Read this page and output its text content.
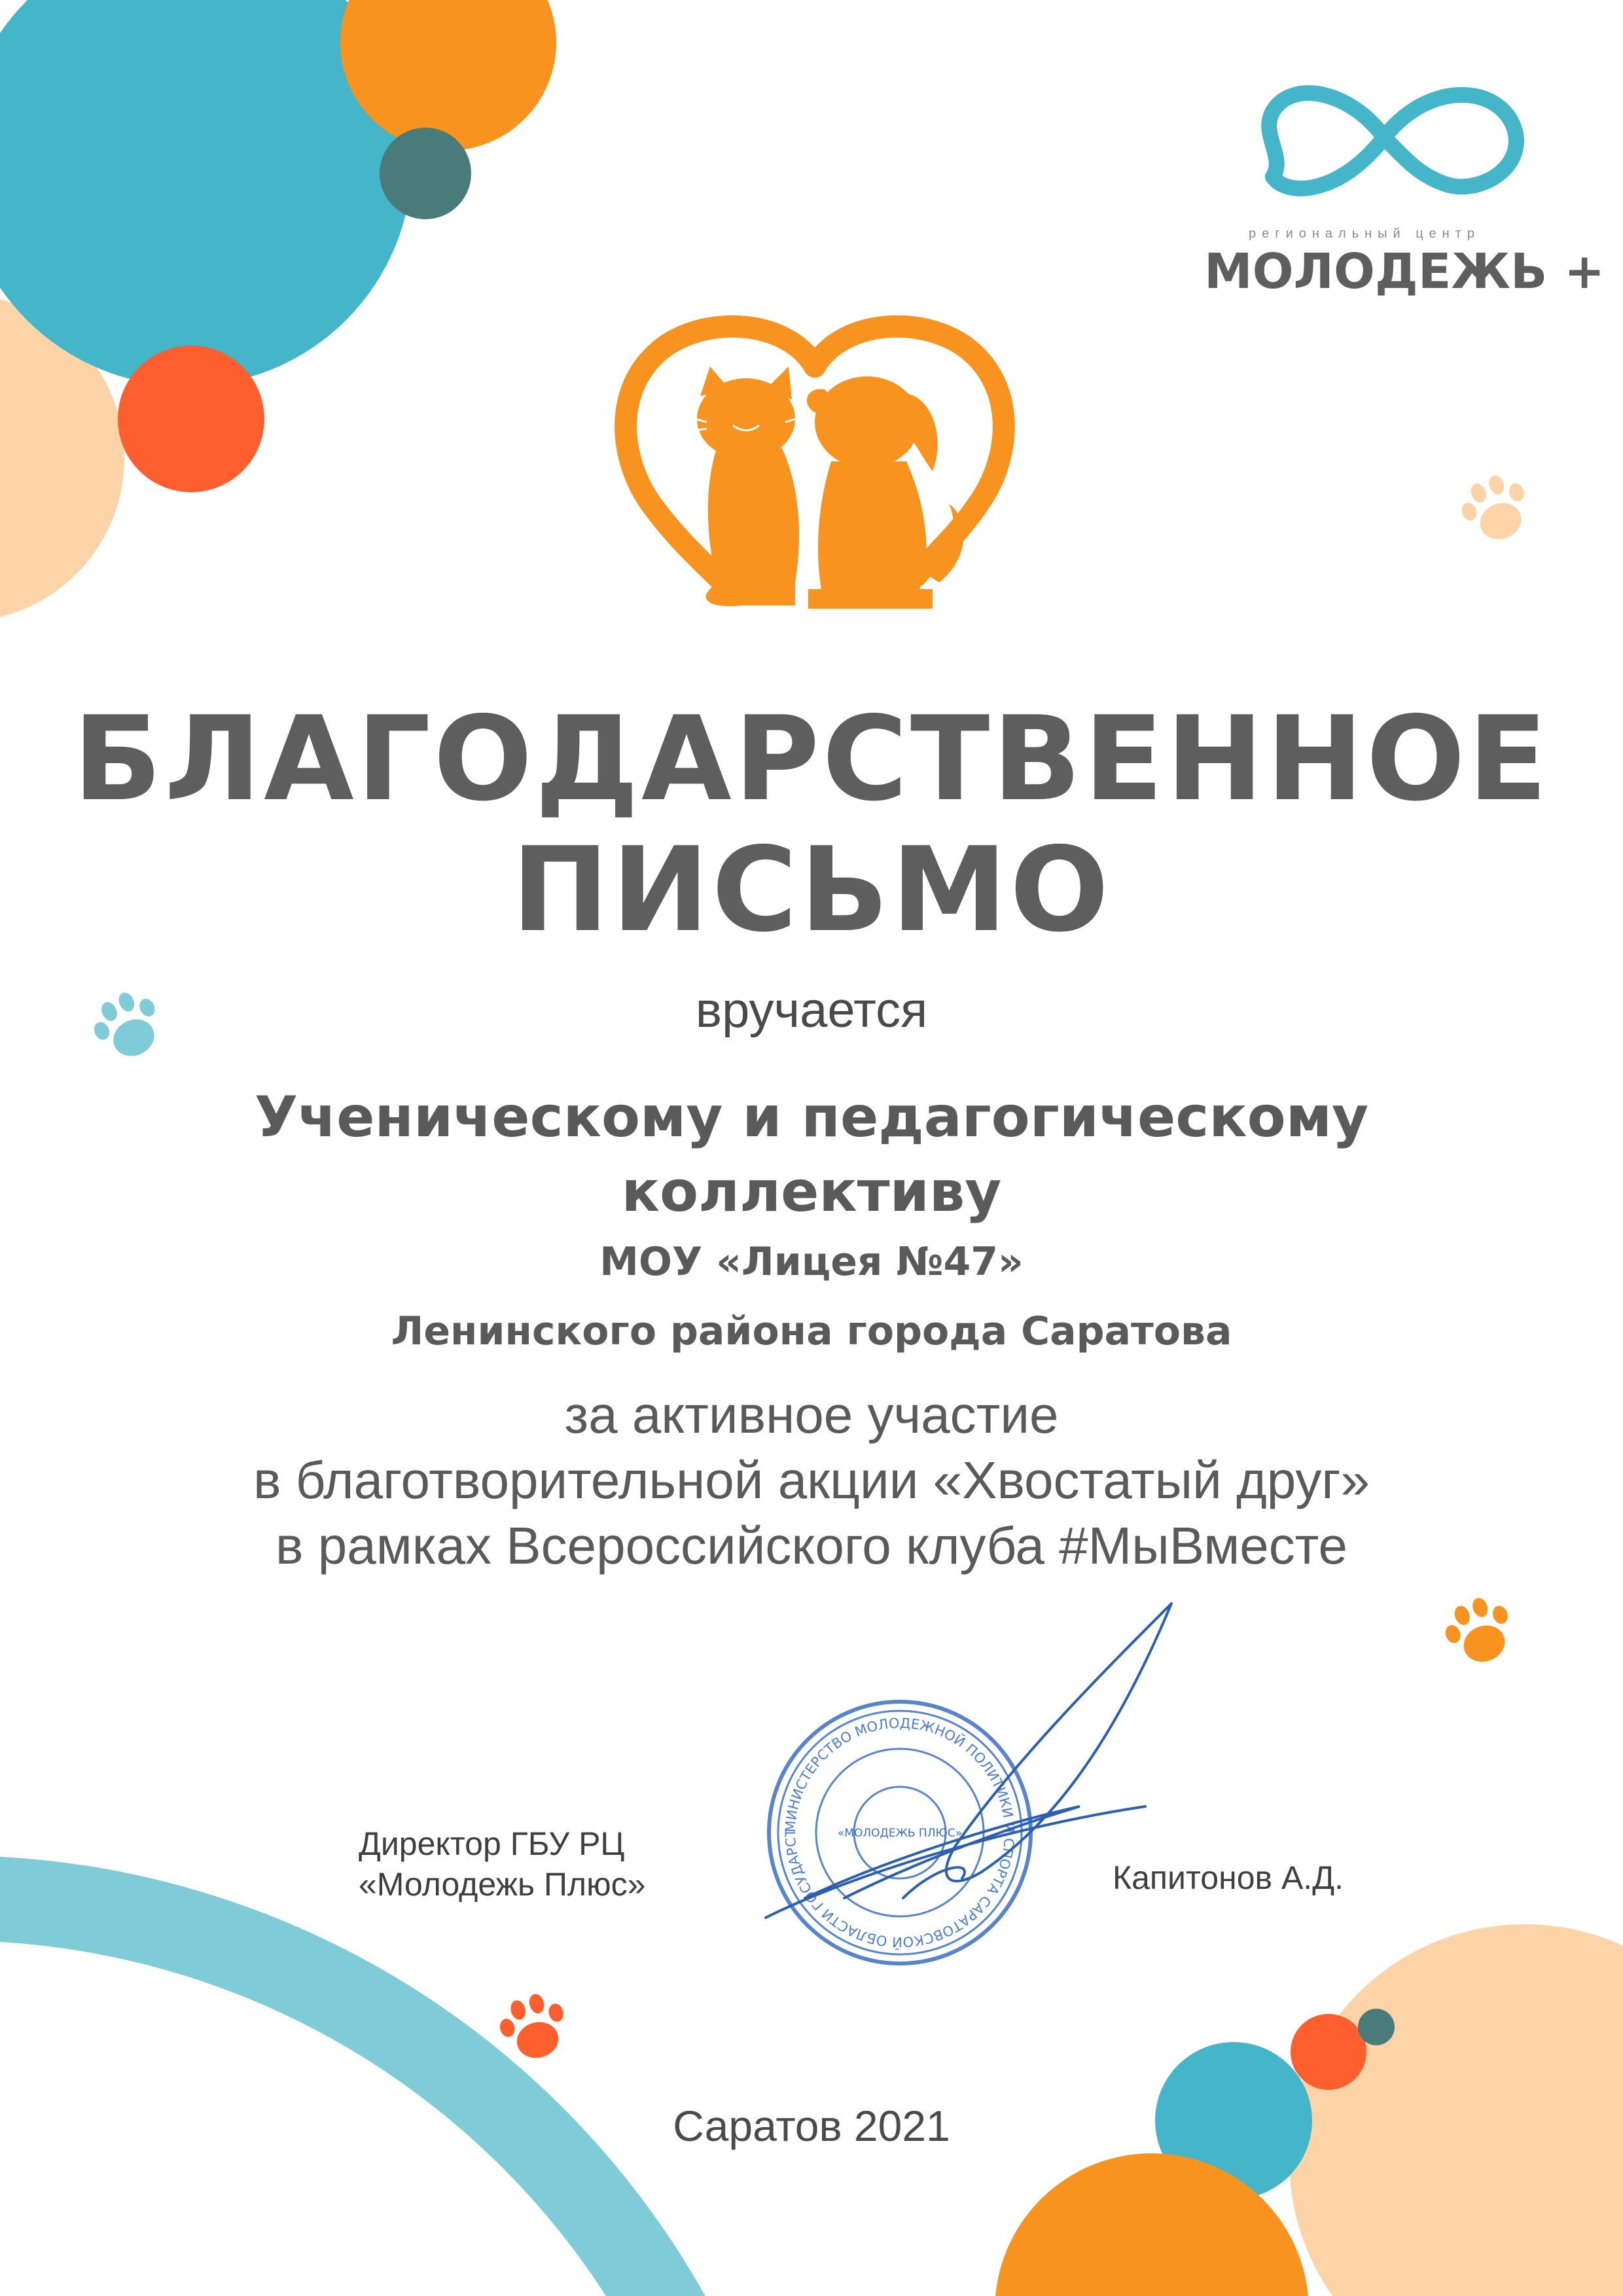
региональный центр
МОЛОДЕЖЬ +
БЛАГОДАРСТВЕННОЕ
ПИСЬМО
вручается
Ученическому и педагогическому
коллективу
МОУ «Лицея №47»
Ленинского района города Саратова
за активное участие
в благотворительной акции «Хвостатый друг»
в рамках Всероссийского клуба #МыВместе
Директор ГБУ РЦ
«Молодежь Плюс»	Капитонов А.Д.
МИНИСТЕРСТВО МОЛОДЕЖНОЙ ПОЛИТИКИ И СПОРТА САРАТОВСКОЙ ОБЛАСТИ ГОСУДАРСТВЕННОЕ БЮДЖЕТНОЕ УЧРЕЖДЕНИЕ РЕГИОНАЛЬНЫЙ ЦЕНТР
«МОЛОДЕЖЬ ПЛЮС»
Саратов 2021
